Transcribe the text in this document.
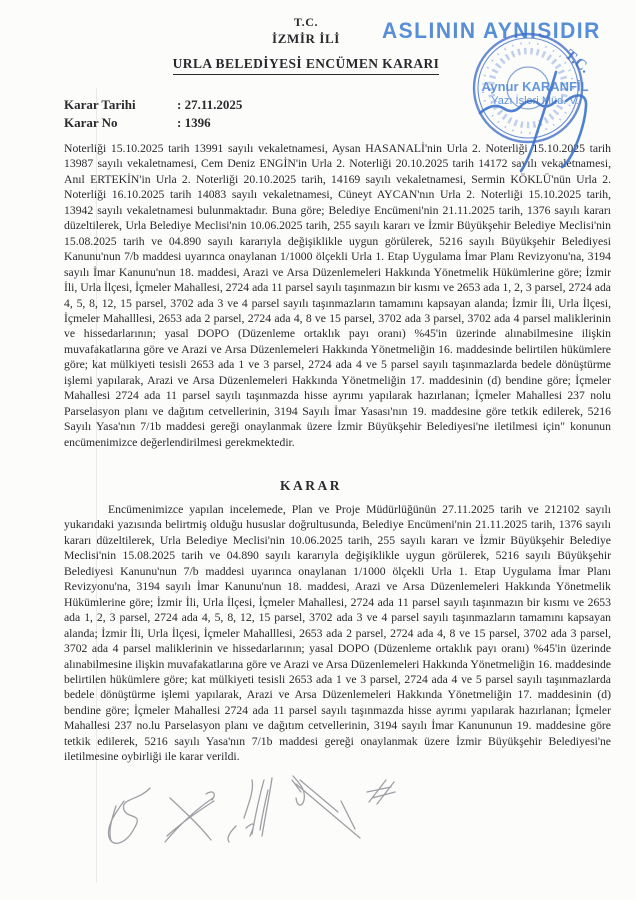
T.C.
İZMİR İLİ
URLA BELEDİYESİ ENCÜMEN KARARI
Karar Tarihi	: 27.11.2025
Karar No	: 1396
Noterliği 15.10.2025 tarih 13991 sayılı vekaletnamesi, Aysan HASANALİ'nin Urla 2. Noterliği 15.10.2025 tarih 13987 sayılı vekaletnamesi, Cem Deniz ENGİN'in Urla 2. Noterliği 20.10.2025 tarih 14172 sayılı vekaletnamesi, Anıl ERTEKİN'in Urla 2. Noterliği 20.10.2025 tarih, 14169 sayılı vekaletnamesi, Sermin KÖKLÜ'nün Urla 2. Noterliği 16.10.2025 tarih 14083 sayılı vekaletnamesi, Cüneyt AYCAN'nın Urla 2. Noterliği 15.10.2025 tarih, 13942 sayılı vekaletnamesi bulunmaktadır. Buna göre; Belediye Encümeni'nin 21.11.2025 tarih, 1376 sayılı kararı düzeltilerek, Urla Belediye Meclisi'nin 10.06.2025 tarih, 255 sayılı kararı ve İzmir Büyükşehir Belediye Meclisi'nin 15.08.2025 tarih ve 04.890 sayılı kararıyla değişiklikle uygun görülerek, 5216 sayılı Büyükşehir Belediyesi Kanunu'nun 7/b maddesi uyarınca onaylanan 1/1000 ölçekli Urla 1. Etap Uygulama İmar Planı Revizyonu'na, 3194 sayılı İmar Kanunu'nun 18. maddesi, Arazi ve Arsa Düzenlemeleri Hakkında Yönetmelik Hükümlerine göre; İzmir İli, Urla İlçesi, İçmeler Mahallesi, 2724 ada 11 parsel sayılı taşınmazın bir kısmı ve 2653 ada 1, 2, 3 parsel, 2724 ada 4, 5, 8, 12, 15 parsel, 3702 ada 3 ve 4 parsel sayılı taşınmazların tamamını kapsayan alanda; İzmir İli, Urla İlçesi, İçmeler Mahalllesi, 2653 ada 2 parsel, 2724 ada 4, 8 ve 15 parsel, 3702 ada 3 parsel, 3702 ada 4 parsel maliklerinin ve hissedarlarının; yasal DOPO (Düzenleme ortaklık payı oranı) %45'in üzerinde alınabilmesine ilişkin muvafakatlarına göre ve Arazi ve Arsa Düzenlemeleri Hakkında Yönetmeliğin 16. maddesinde belirtilen hükümlere göre; kat mülkiyeti tesisli 2653 ada 1 ve 3 parsel, 2724 ada 4 ve 5 parsel sayılı taşınmazlarda bedele dönüştürme işlemi yapılarak, Arazi ve Arsa Düzenlemeleri Hakkında Yönetmeliğin 17. maddesinin (d) bendine göre; İçmeler Mahallesi 2724 ada 11 parsel sayılı taşınmazda hisse ayrımı yapılarak hazırlanan; İçmeler Mahallesi 237 nolu Parselasyon planı ve dağıtım cetvellerinin, 3194 Sayılı İmar Yasası'nın 19. maddesine göre tetkik edilerek, 5216 Sayılı Yasa'nın 7/1b maddesi gereği onaylanmak üzere İzmir Büyükşehir Belediyesi'ne iletilmesi için" konunun encümenimizce değerlendirilmesi gerekmektedir.
KARAR
Encümenimizce yapılan incelemede, Plan ve Proje Müdürlüğünün 27.11.2025 tarih ve 212102 sayılı yukarıdaki yazısında belirtmiş olduğu hususlar doğrultusunda, Belediye Encümeni'nin 21.11.2025 tarih, 1376 sayılı kararı düzeltilerek, Urla Belediye Meclisi'nin 10.06.2025 tarih, 255 sayılı kararı ve İzmir Büyükşehir Belediye Meclisi'nin 15.08.2025 tarih ve 04.890 sayılı kararıyla değişiklikle uygun görülerek, 5216 sayılı Büyükşehir Belediyesi Kanunu'nun 7/b maddesi uyarınca onaylanan 1/1000 ölçekli Urla 1. Etap Uygulama İmar Planı Revizyonu'na, 3194 sayılı İmar Kanunu'nun 18. maddesi, Arazi ve Arsa Düzenlemeleri Hakkında Yönetmelik Hükümlerine göre; İzmir İli, Urla İlçesi, İçmeler Mahallesi, 2724 ada 11 parsel sayılı taşınmazın bir kısmı ve 2653 ada 1, 2, 3 parsel, 2724 ada 4, 5, 8, 12, 15 parsel, 3702 ada 3 ve 4 parsel sayılı taşınmazların tamamını kapsayan alanda; İzmir İli, Urla İlçesi, İçmeler Mahalllesi, 2653 ada 2 parsel, 2724 ada 4, 8 ve 15 parsel, 3702 ada 3 parsel, 3702 ada 4 parsel maliklerinin ve hissedarlarının; yasal DOPO (Düzenleme ortaklık payı oranı) %45'in üzerinde alınabilmesine ilişkin muvafakatlarına göre ve Arazi ve Arsa Düzenlemeleri Hakkında Yönetmeliğin 16. maddesinde belirtilen hükümlere göre; kat mülkiyeti tesisli 2653 ada 1 ve 3 parsel, 2724 ada 4 ve 5 parsel sayılı taşınmazlarda bedele dönüştürme işlemi yapılarak, Arazi ve Arsa Düzenlemeleri Hakkında Yönetmeliğin 17. maddesinin (d) bendine göre; İçmeler Mahallesi 2724 ada 11 parsel sayılı taşınmazda hisse ayrımı yapılarak hazırlanan; İçmeler Mahallesi 237 no.lu Parselasyon planı ve dağıtım cetvellerinin, 3194 sayılı İmar Kanununun 19. maddesine göre tetkik edilerek, 5216 sayılı Yasa'nın 7/1b maddesi gereği onaylanmak üzere İzmir Büyükşehir Belediyesi'ne iletilmesine oybirliği ile karar verildi.
ASLININ AYNISIDIR
T.C.
Aynur KARANFİL
Yazı İşleri Müd. V.
